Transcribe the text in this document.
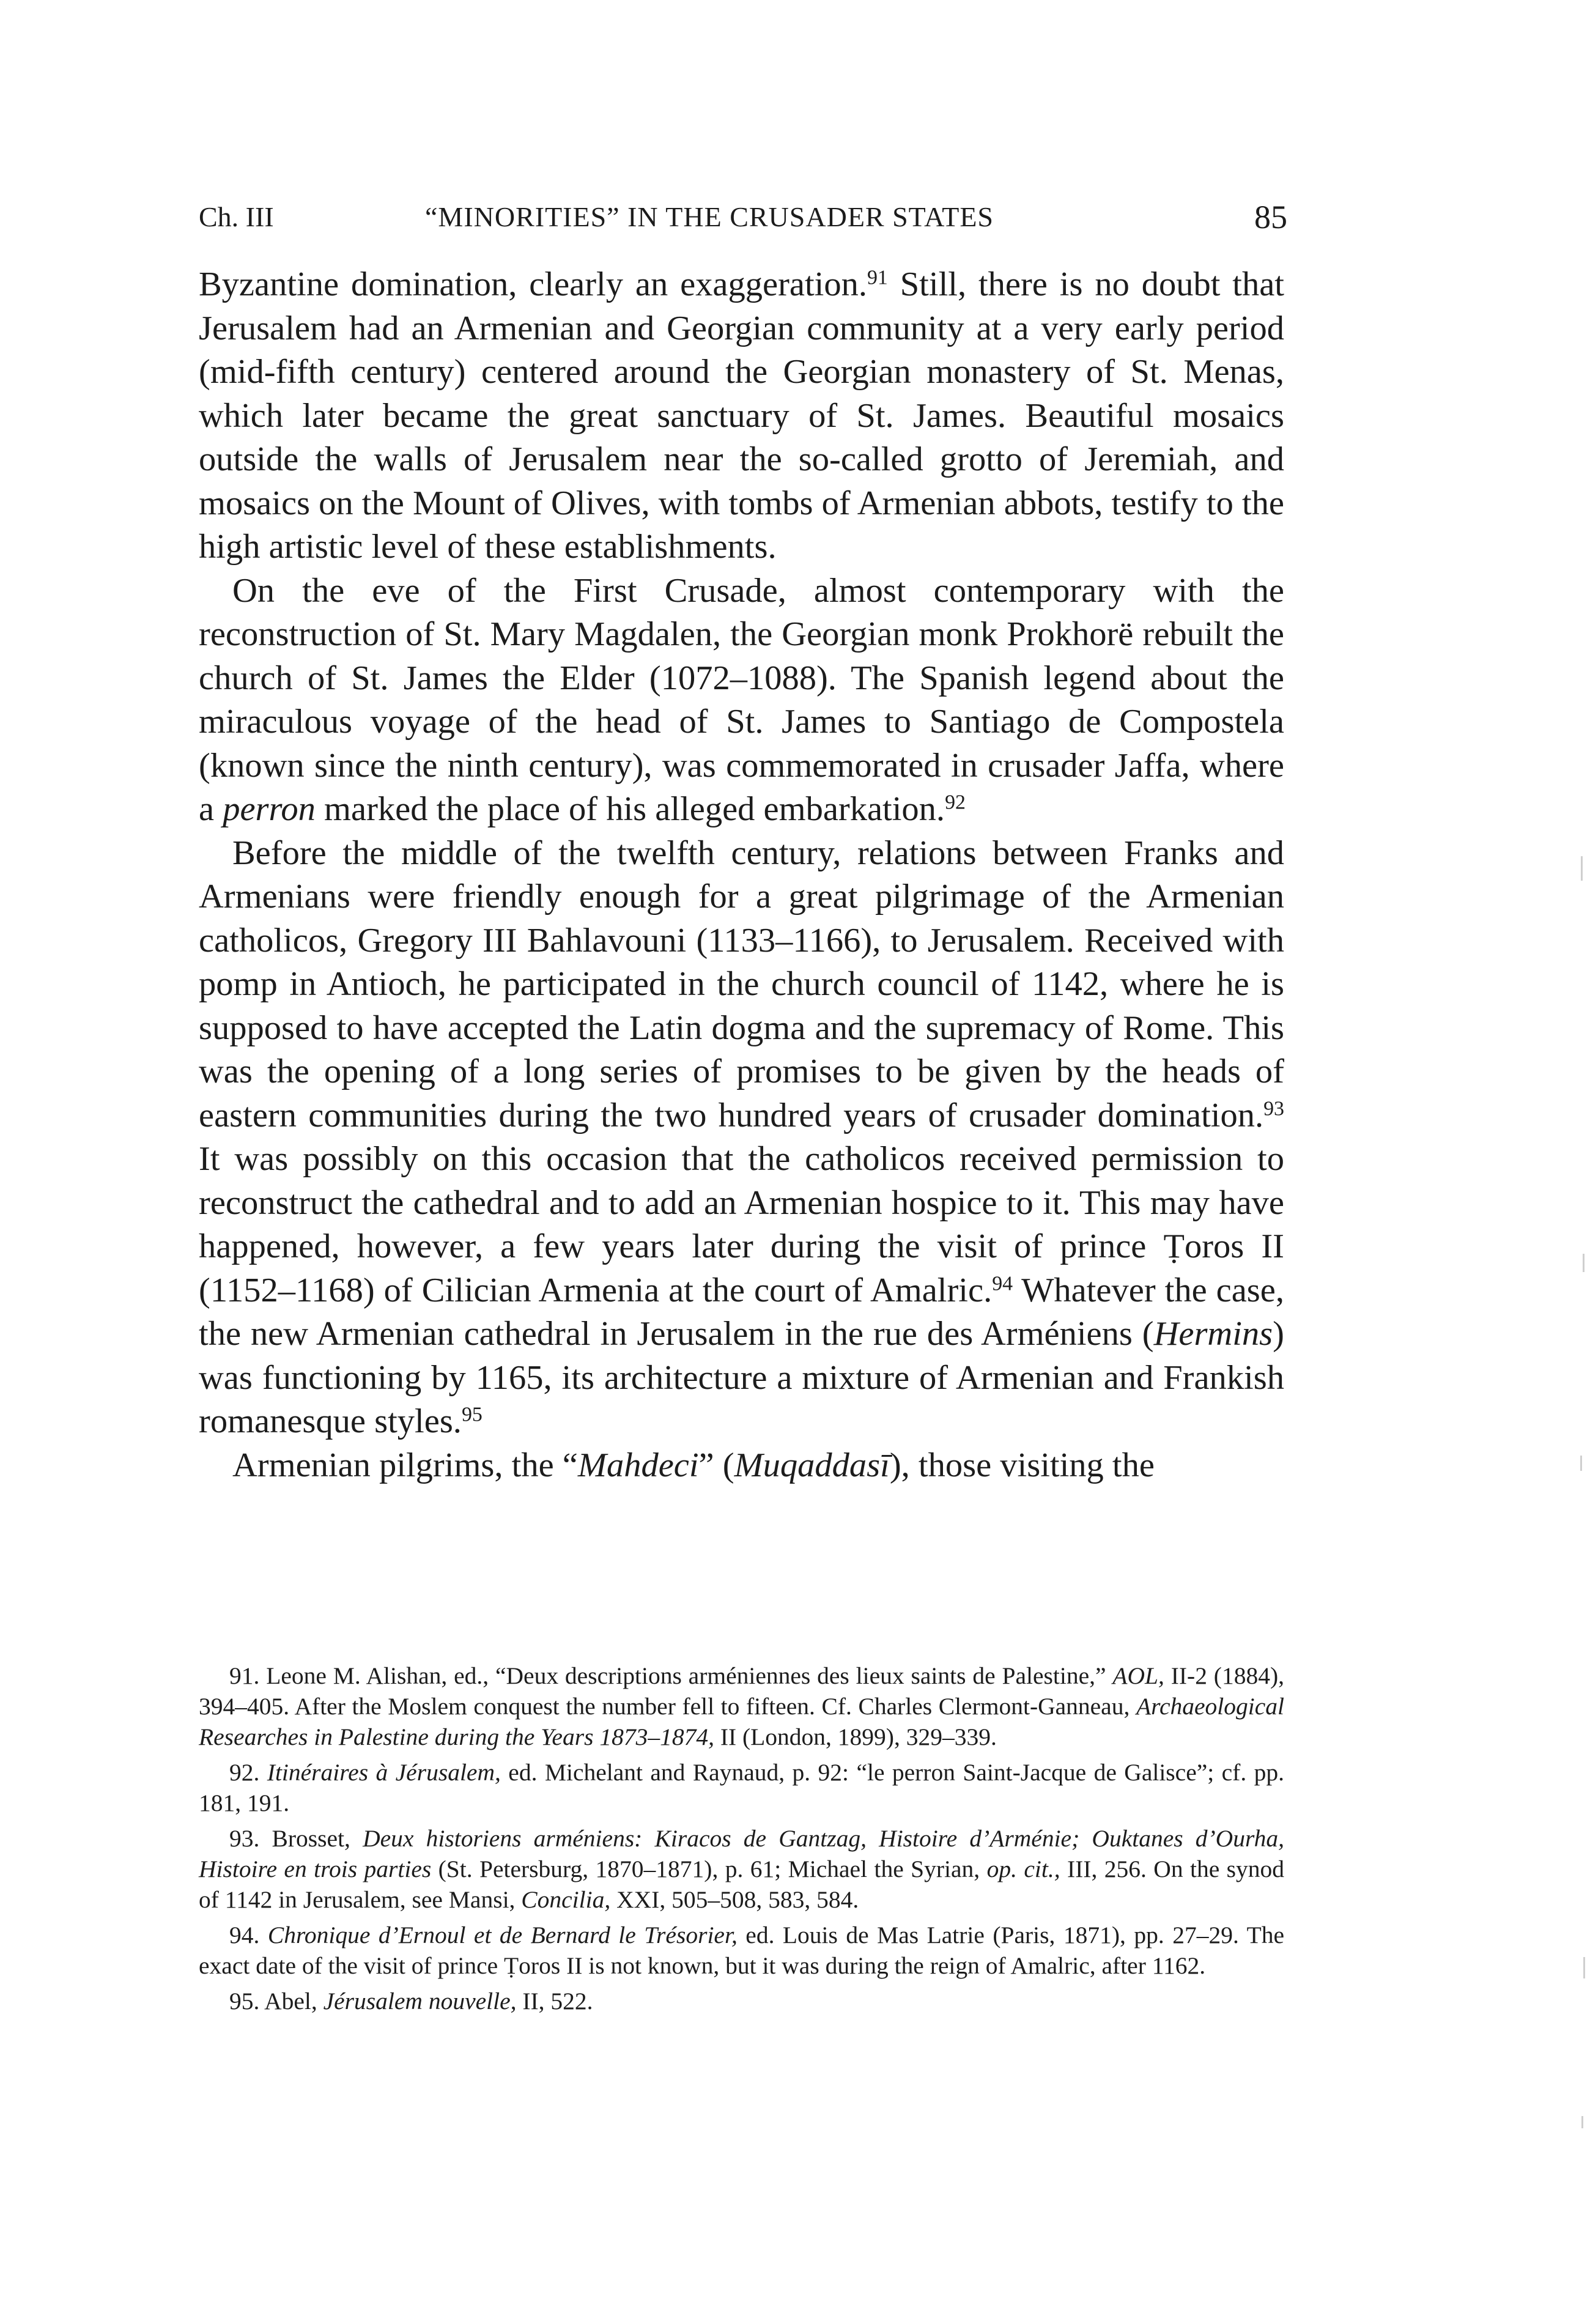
Ch. III	“MINORITIES” IN THE CRUSADER STATES	85

Byzantine domination, clearly an exaggeration.$^{91}$ Still, there is no doubt that Jerusalem had an Armenian and Georgian community at a very early period (mid-fifth century) centered around the Georgian monastery of St. Menas, which later became the great sanctuary of St. James. Beautiful mosaics outside the walls of Jerusalem near the so-called grotto of Jeremiah, and mosaics on the Mount of Olives, with tombs of Armenian abbots, testify to the high artistic level of these establishments.

On the eve of the First Crusade, almost contemporary with the reconstruction of St. Mary Magdalen, the Georgian monk Prokhorë rebuilt the church of St. James the Elder (1072–1088). The Spanish legend about the miraculous voyage of the head of St. James to Santiago de Compostela (known since the ninth century), was commemorated in crusader Jaffa, where a perron marked the place of his alleged embarkation.$^{92}$

Before the middle of the twelfth century, relations between Franks and Armenians were friendly enough for a great pilgrimage of the Armenian catholicos, Gregory III Bahlavouni (1133–1166), to Jerusalem. Received with pomp in Antioch, he participated in the church council of 1142, where he is supposed to have accepted the Latin dogma and the supremacy of Rome. This was the opening of a long series of promises to be given by the heads of eastern communities during the two hundred years of crusader domination.$^{93}$ It was possibly on this occasion that the catholicos received permission to reconstruct the cathedral and to add an Armenian hospice to it. This may have happened, however, a few years later during the visit of prince Ṭoros II (1152–1168) of Cilician Armenia at the court of Amalric.$^{94}$ Whatever the case, the new Armenian cathedral in Jerusalem in the rue des Arméniens (Hermins) was functioning by 1165, its architecture a mixture of Armenian and Frankish romanesque styles.$^{95}$

Armenian pilgrims, the “Mahdeci” (Muqaddasī), those visiting the

91. Leone M. Alishan, ed., “Deux descriptions arméniennes des lieux saints de Palestine,” AOL, II-2 (1884), 394–405. After the Moslem conquest the number fell to fifteen. Cf. Charles Clermont-Ganneau, Archaeological Researches in Palestine during the Years 1873–1874, II (London, 1899), 329–339.

92. Itinéraires à Jérusalem, ed. Michelant and Raynaud, p. 92: “le perron Saint-Jacque de Galisce”; cf. pp. 181, 191.

93. Brosset, Deux historiens arméniens: Kiracos de Gantzag, Histoire d’Arménie; Ouktanes d’Ourha, Histoire en trois parties (St. Petersburg, 1870–1871), p. 61; Michael the Syrian, op. cit., III, 256. On the synod of 1142 in Jerusalem, see Mansi, Concilia, XXI, 505–508, 583, 584.

94. Chronique d’Ernoul et de Bernard le Trésorier, ed. Louis de Mas Latrie (Paris, 1871), pp. 27–29. The exact date of the visit of prince Ṭoros II is not known, but it was during the reign of Amalric, after 1162.

95. Abel, Jérusalem nouvelle, II, 522.
